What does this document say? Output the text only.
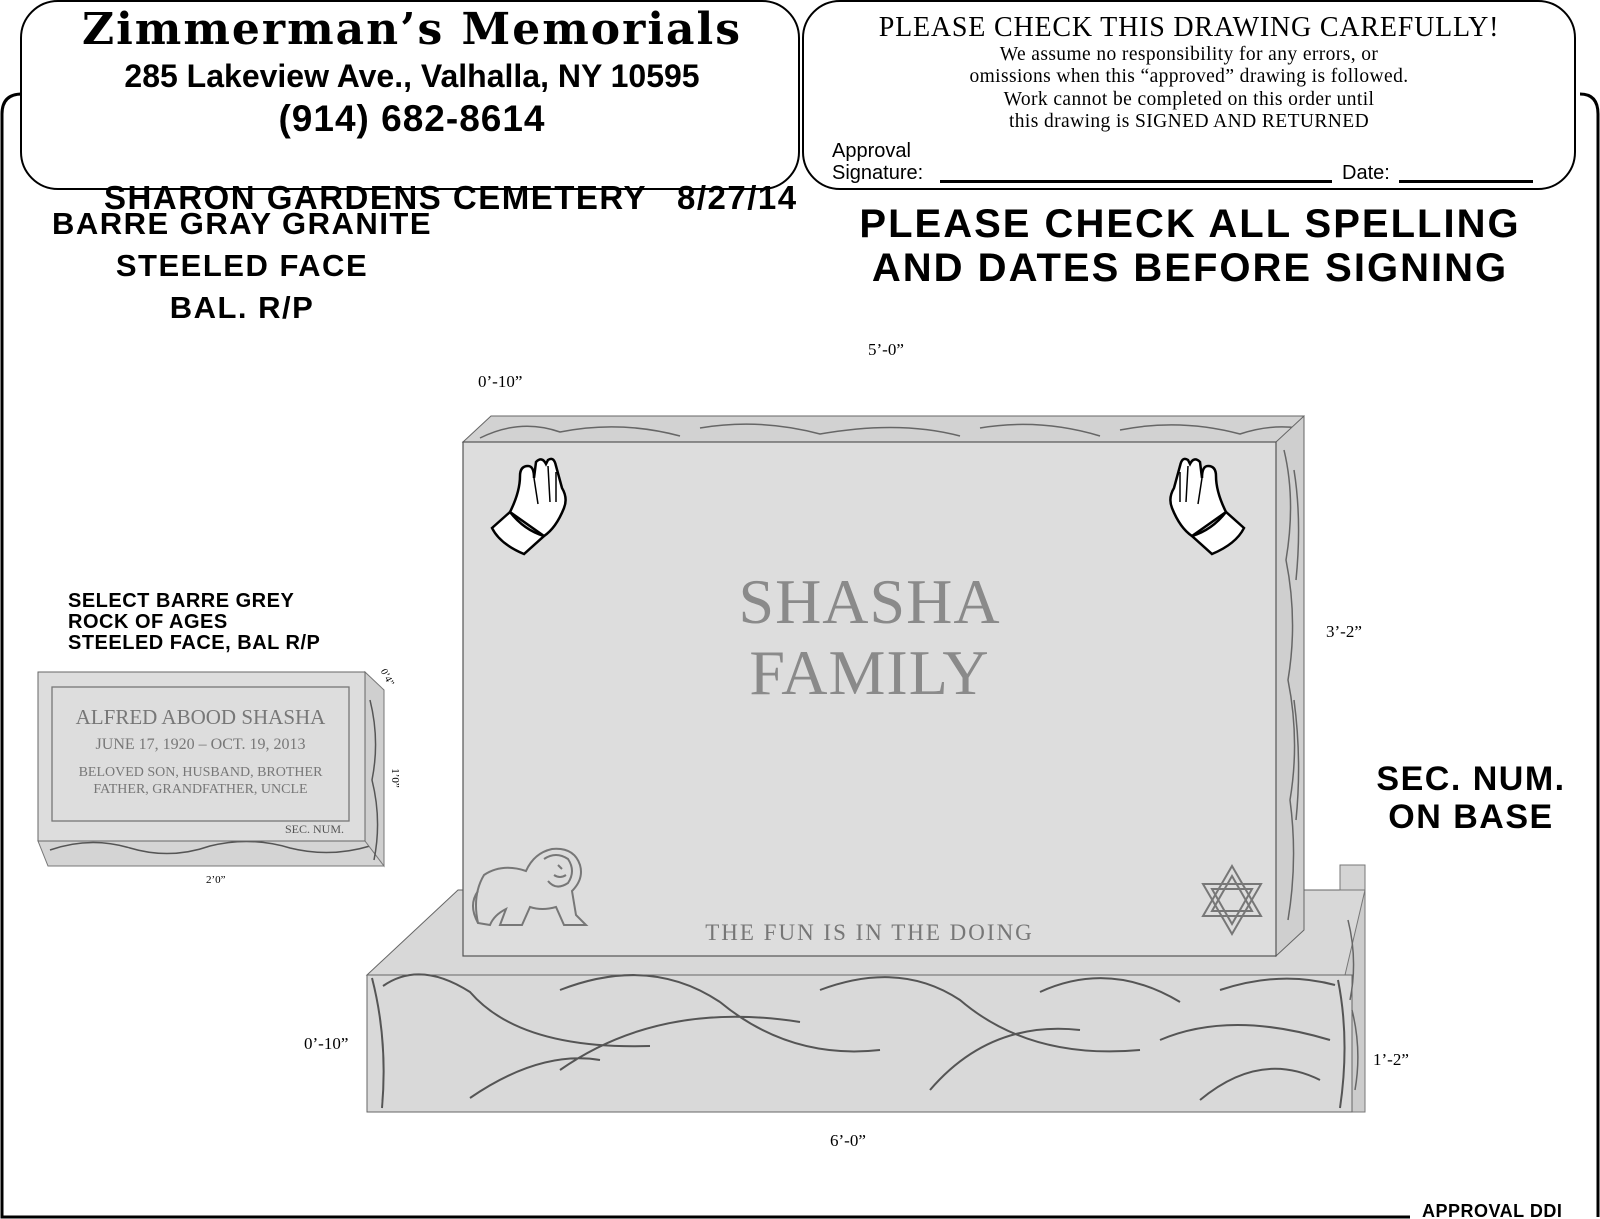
Zimmerman’s Memorials
285 Lakeview Ave., Valhalla, NY 10595
(914) 682-8614

SHARON GARDENS CEMETERY 8/27/14

PLEASE CHECK THIS DRAWING CAREFULLY!
We assume no responsibility for any errors, or
omissions when this “approved” drawing is followed.
Work cannot be completed on this order until
this drawing is SIGNED AND RETURNED
Approval
Signature:	Date:
BARRE GRAY GRANITE
STEELED FACE
BAL. R/P
PLEASE CHECK ALL SPELLING
AND DATES BEFORE SIGNING
SELECT BARRE GREY
ROCK OF AGES
STEELED FACE, BAL R/P
SEC. NUM.
ON BASE
SHASHA
FAMILY
THE FUN IS IN THE DOING
ALFRED ABOOD SHASHA
JUNE 17, 1920 – OCT. 19, 2013
BELOVED SON, HUSBAND, BROTHER
FATHER, GRANDFATHER, UNCLE
SEC. NUM.
5’-0”
0’-10”
3’-2”
0’-10”
1’-2”
6’-0”
0’4”
1’0”
2’0”
APPROVAL DDI
